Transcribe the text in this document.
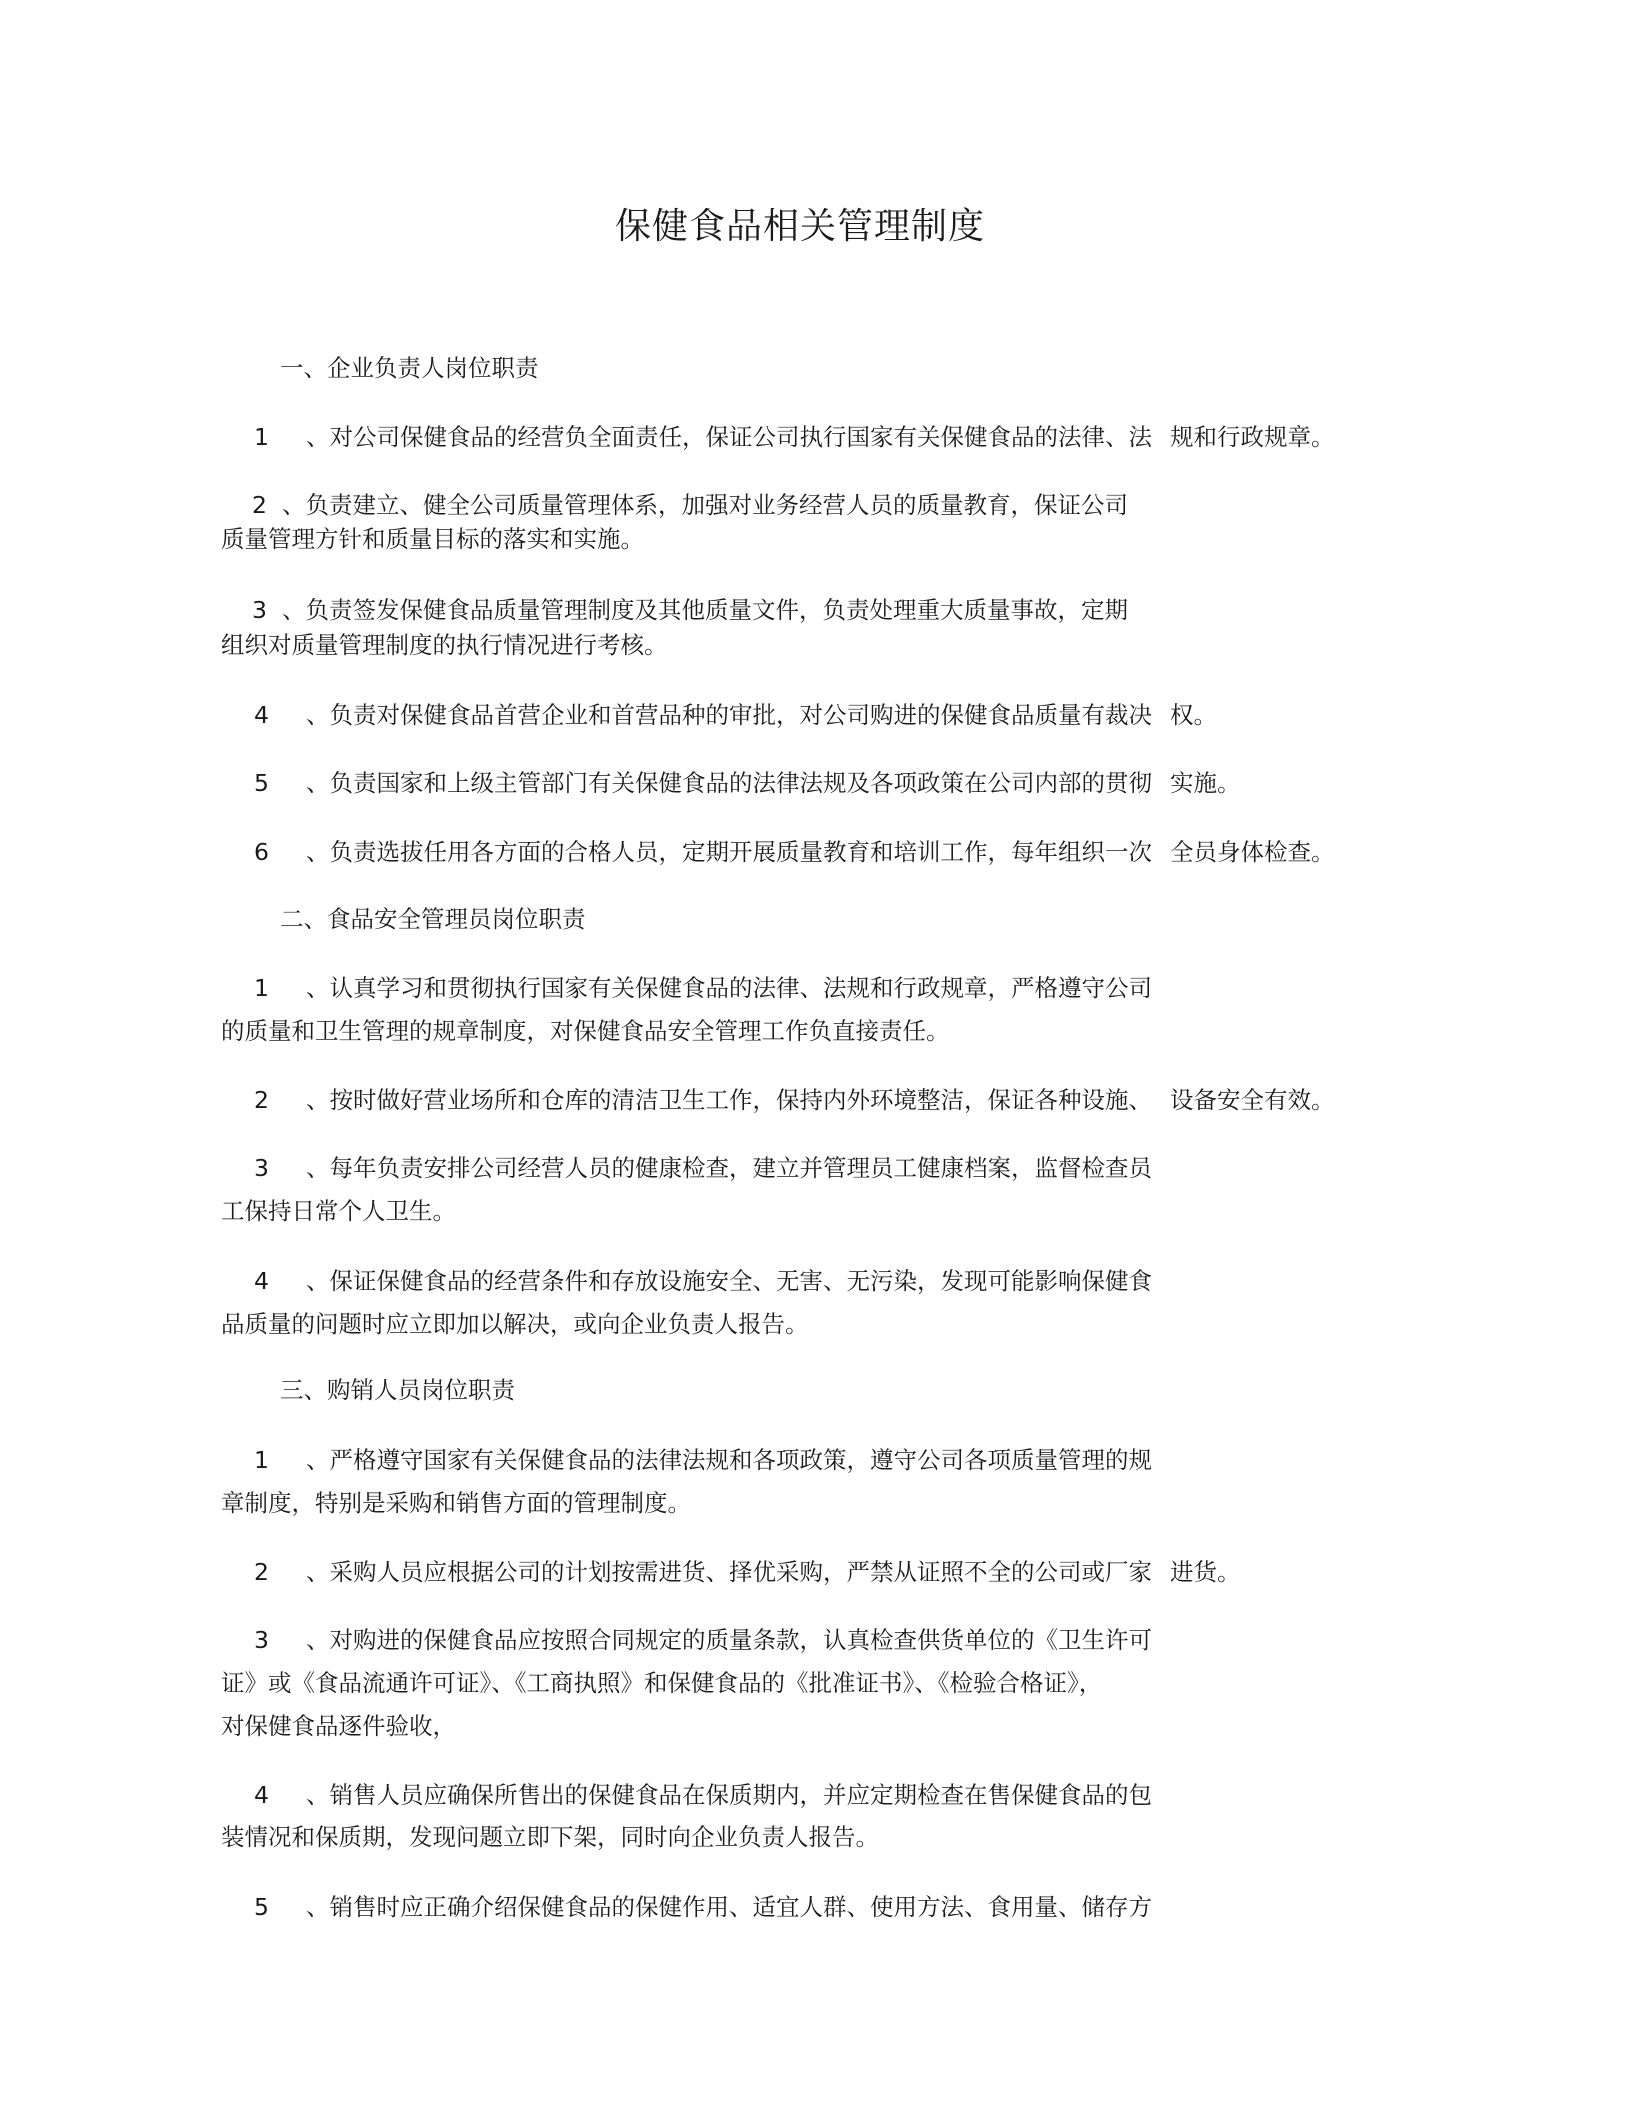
保健食品相关管理制度

一、企业负责人岗位职责

1 、对公司保健食品的经营负全面责任，保证公司执行国家有关保健食品的法律、法 规和行政规章。

2 、负责建立、健全公司质量管理体系，加强对业务经营人员的质量教育，保证公司

质量管理方针和质量目标的落实和实施。

3 、负责签发保健食品质量管理制度及其他质量文件，负责处理重大质量事故，定期

组织对质量管理制度的执行情况进行考核。

4 、负责对保健食品首营企业和首营品种的审批，对公司购进的保健食品质量有裁决 权。

5 、负责国家和上级主管部门有关保健食品的法律法规及各项政策在公司内部的贯彻 实施。

6 、负责选拔任用各方面的合格人员，定期开展质量教育和培训工作，每年组织一次 全员身体检查。

二、食品安全管理员岗位职责

1 、认真学习和贯彻执行国家有关保健食品的法律、法规和行政规章，严格遵守公司

的质量和卫生管理的规章制度，对保健食品安全管理工作负直接责任。

2 、按时做好营业场所和仓库的清洁卫生工作，保持内外环境整洁，保证各种设施、 设备安全有效。

3 、每年负责安排公司经营人员的健康检查，建立并管理员工健康档案，监督检查员

工保持日常个人卫生。

4 、保证保健食品的经营条件和存放设施安全、无害、无污染，发现可能影响保健食

品质量的问题时应立即加以解决，或向企业负责人报告。

三、购销人员岗位职责

1 、严格遵守国家有关保健食品的法律法规和各项政策，遵守公司各项质量管理的规

章制度，特别是采购和销售方面的管理制度。

2 、采购人员应根据公司的计划按需进货、择优采购，严禁从证照不全的公司或厂家 进货。

3 、对购进的保健食品应按照合同规定的质量条款，认真检查供货单位的《卫生许可

证》或《食品流通许可证》、《工商执照》和保健食品的《批准证书》、《检验合格证》，

对保健食品逐件验收，

4 、销售人员应确保所售出的保健食品在保质期内，并应定期检查在售保健食品的包

装情况和保质期，发现问题立即下架，同时向企业负责人报告。

5 、销售时应正确介绍保健食品的保健作用、适宜人群、使用方法、食用量、储存方
